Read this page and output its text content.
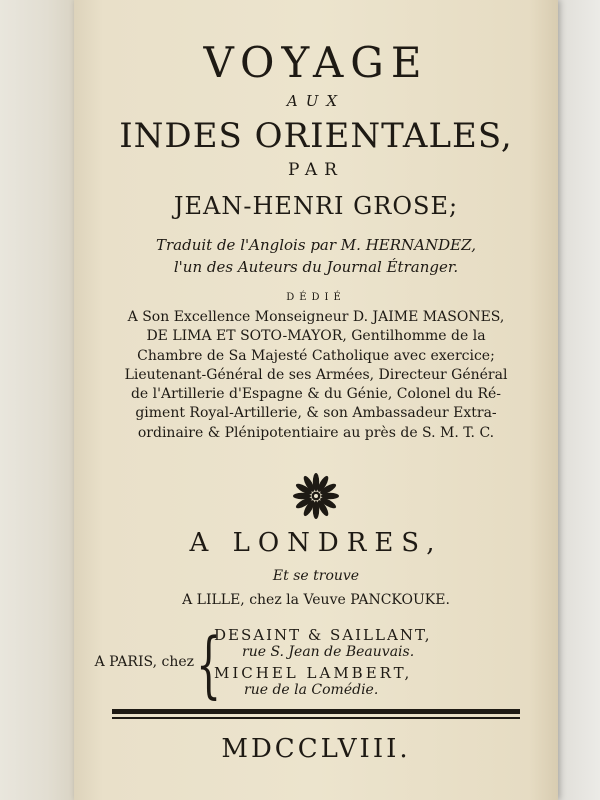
VOYAGE
AUX
INDES ORIENTALES,
PAR
JEAN-HENRI GROSE;
Traduit de l'Anglois par M. HERNANDEZ,
l'un des Auteurs du Journal Étranger.
DÉDIÉ
A Son Excellence Monseigneur D. JAIME MASONES,
DE LIMA ET SOTO-MAYOR, Gentilhomme de la
Chambre de Sa Majesté Catholique avec exercice;
Lieutenant-Général de ses Armées, Directeur Général
de l'Artillerie d'Espagne & du Génie, Colonel du Ré-
giment Royal-Artillerie, & son Ambassadeur Extra-
ordinaire & Plénipotentiaire au près de S. M. T. C.
A LONDRES,
Et se trouve
A LILLE, chez la Veuve PANCKOUKE.
A PARIS, chez {
DESAINT & SAILLANT,
rue S. Jean de Beauvais.
MICHEL LAMBERT,
rue de la Comédie.
MDCCLVIII.
